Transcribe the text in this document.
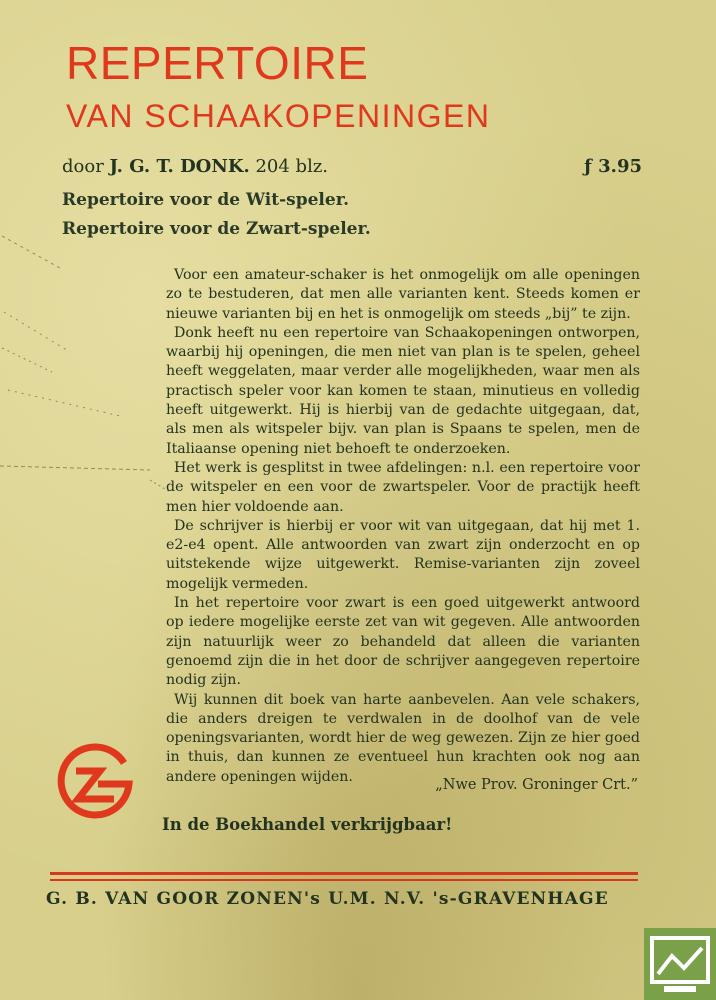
REPERTOIRE
VAN SCHAAKOPENINGEN
door J. G. T. DONK. 204 blz.	ƒ 3.95
Repertoire voor de Wit-speler.
Repertoire voor de Zwart-speler.

Voor een amateur-schaker is het onmogelijk om alle openingen zo te bestuderen, dat men alle varianten kent. Steeds komen er nieuwe varianten bij en het is onmogelijk om steeds „bij” te zijn.

Donk heeft nu een repertoire van Schaakopeningen ontworpen, waarbij hij openingen, die men niet van plan is te spelen, geheel heeft weggelaten, maar verder alle mogelijkheden, waar men als practisch speler voor kan komen te staan, minutieus en volledig heeft uitgewerkt. Hij is hierbij van de gedachte uitgegaan, dat, als men als witspeler bijv. van plan is Spaans te spelen, men de Italiaanse opening niet behoeft te onderzoeken.

Het werk is gesplitst in twee afdelingen: n.l. een repertoire voor de witspeler en een voor de zwartspeler. Voor de practijk heeft men hier voldoende aan.

De schrijver is hierbij er voor wit van uitgegaan, dat hij met 1. e2-e4 opent. Alle antwoorden van zwart zijn onderzocht en op uitstekende wijze uitgewerkt. Remise-varianten zijn zoveel mogelijk vermeden.

In het repertoire voor zwart is een goed uitgewerkt antwoord op iedere mogelijke eerste zet van wit gegeven. Alle antwoorden zijn natuurlijk weer zo behandeld dat alleen die varianten genoemd zijn die in het door de schrijver aangegeven repertoire nodig zijn.

Wij kunnen dit boek van harte aanbevelen. Aan vele schakers, die anders dreigen te verdwalen in de doolhof van de vele openingsvarianten, wordt hier de weg gewezen. Zijn ze hier goed in thuis, dan kunnen ze eventueel hun krachten ook nog aan andere openingen wijden.

„Nwe Prov. Groninger Crt.”
In de Boekhandel verkrijgbaar!
G. B. VAN GOOR ZONEN's U.M. N.V. 's-GRAVENHAGE
